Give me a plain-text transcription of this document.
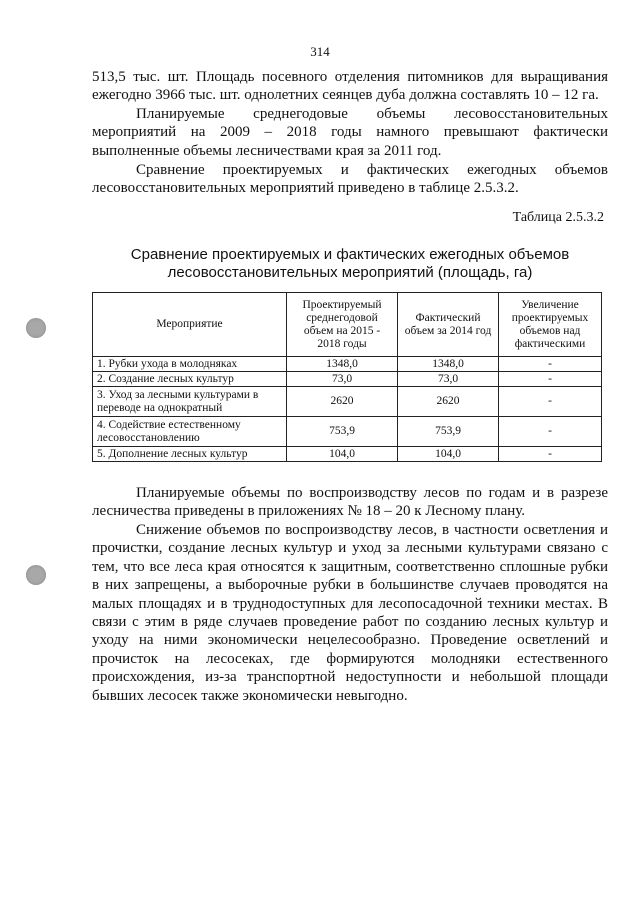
314

513,5 тыс. шт. Площадь посевного отделения питомников для выращивания ежегодно 3966 тыс. шт. однолетних сеянцев дуба должна составлять 10 – 12 га.

Планируемые среднегодовые объемы лесовосстановительных мероприятий на 2009 – 2018 годы намного превышают фактически выполненные объемы лесничествами края за 2011 год.

Сравнение проектируемых и фактических ежегодных объемов лесовосстановительных мероприятий приведено в таблице 2.5.3.2.

Таблица 2.5.3.2
Сравнение проектируемых и фактических ежегодных объемов лесовосстановительных мероприятий (площадь, га)
Мероприятие	Проектируемый среднегодовой объем на 2015 - 2018 годы	Фактический объем за 2014 год	Увеличение проектируемых объемов над фактическими
1. Рубки ухода в молодняках	1348,0	1348,0	-
2. Создание лесных культур	73,0	73,0	-
3. Уход за лесными культурами в переводе на однократный	2620	2620	-
4. Содействие естественному лесовосстановлению	753,9	753,9	-
5. Дополнение лесных культур	104,0	104,0	-

Планируемые объемы по воспроизводству лесов по годам и в разрезе лесничества приведены в приложениях № 18 – 20 к Лесному плану.

Снижение объемов по воспроизводству лесов, в частности осветления и прочистки, создание лесных культур и уход за лесными культурами связано с тем, что все леса края относятся к защитным, соответственно сплошные рубки в них запрещены, а выборочные рубки в большинстве случаев проводятся на малых площадях и в труднодоступных для лесопосадочной техники местах. В связи с этим в ряде случаев проведение работ по созданию лесных культур и уходу на ними экономически нецелесообразно. Проведение осветлений и прочисток на лесосеках, где формируются молодняки естественного происхождения, из-за транспортной недоступности и небольшой площади бывших лесосек также экономически невыгодно.
